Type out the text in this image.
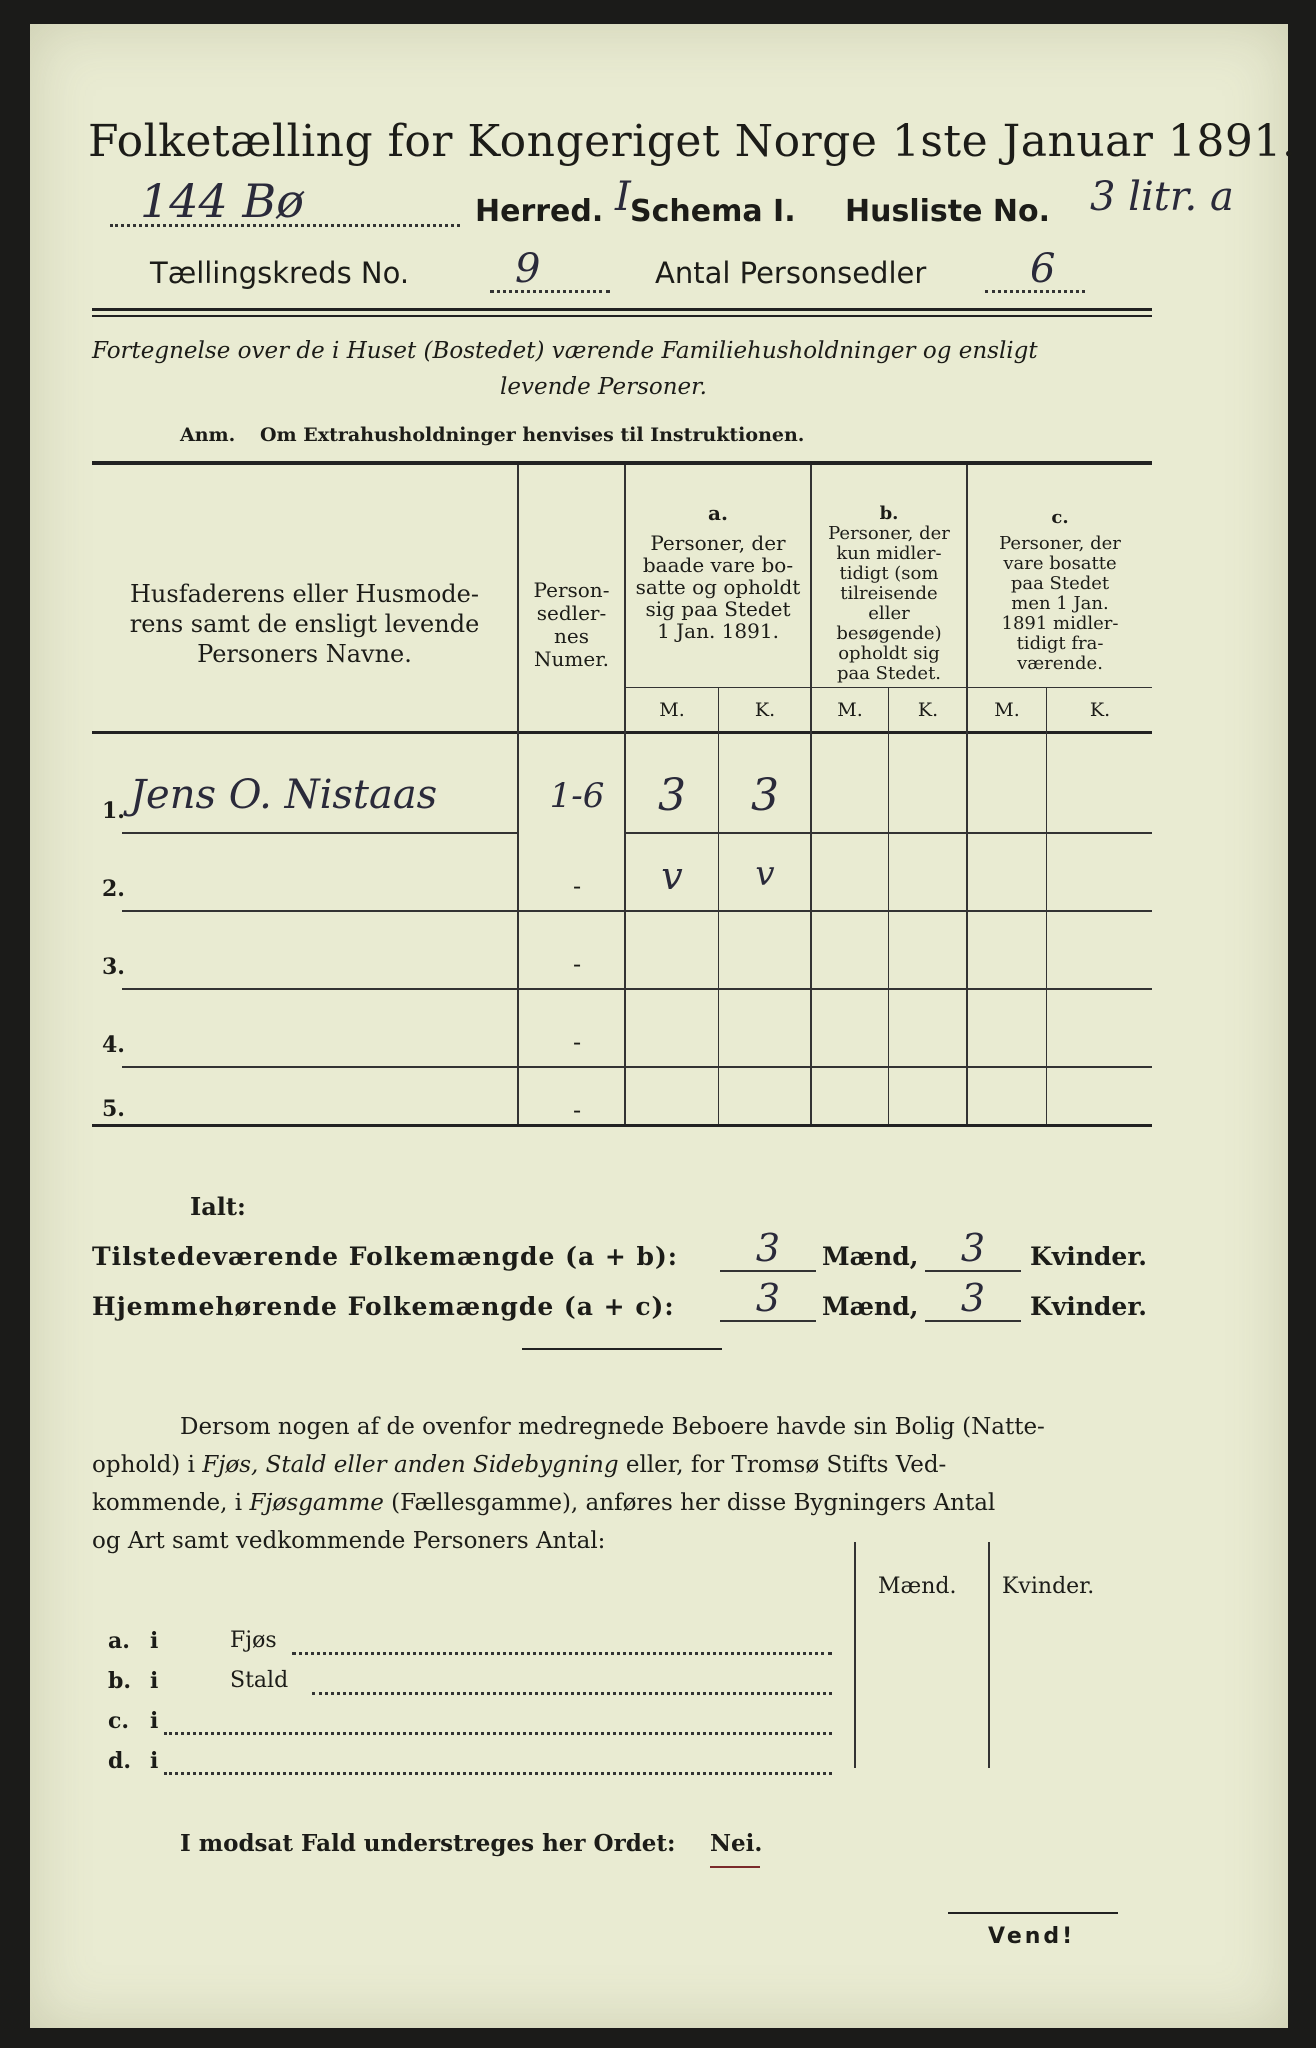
Folketælling for Kongeriget Norge 1ste Januar 1891.
144 Bø	Herred. I Schema I. Husliste No. 3 litr. a
Tællingskreds No.	9	Antal Personsedler	6
Fortegnelse over de i Huset (Bostedet) værende Familiehusholdninger og ensligt
levende Personer.
Anm. Om Extrahusholdninger henvises til Instruktionen.
Husfaderens eller Husmode-
rens samt de ensligt levende
Personers Navne.
Person-
sedler-
nes
Numer.
a.
Personer, der
baade vare bo-
satte og opholdt
sig paa Stedet
1 Jan. 1891.
b.
Personer, der
kun midler-
tidigt (som
tilreisende
eller
besøgende)
opholdt sig
paa Stedet.
c.
Personer, der
vare bosatte
paa Stedet
men 1 Jan.
1891 midler-
tidigt fra-
værende.
M.	K.	M.	K.	M.	K.
1. Jens O. Nistaas	1-6	3	3
2.	-	v	v
3.	-
4.	-
5.	-
Ialt:
Tilstedeværende Folkemængde (a + b):	3	Mænd,	3	Kvinder.
Hjemmehørende Folkemængde (a + c):	3	Mænd,	3	Kvinder.
Dersom nogen af de ovenfor medregnede Beboere havde sin Bolig (Natte-
ophold) i Fjøs, Stald eller anden Sidebygning eller, for Tromsø Stifts Ved-
kommende, i Fjøsgamme (Fællesgamme), anføres her disse Bygningers Antal
og Art samt vedkommende Personers Antal:
Mænd. Kvinder.
a. i	Fjøs
b. i	Stald
c. i
d. i
I modsat Fald understreges her Ordet: Nei.
Vend!
